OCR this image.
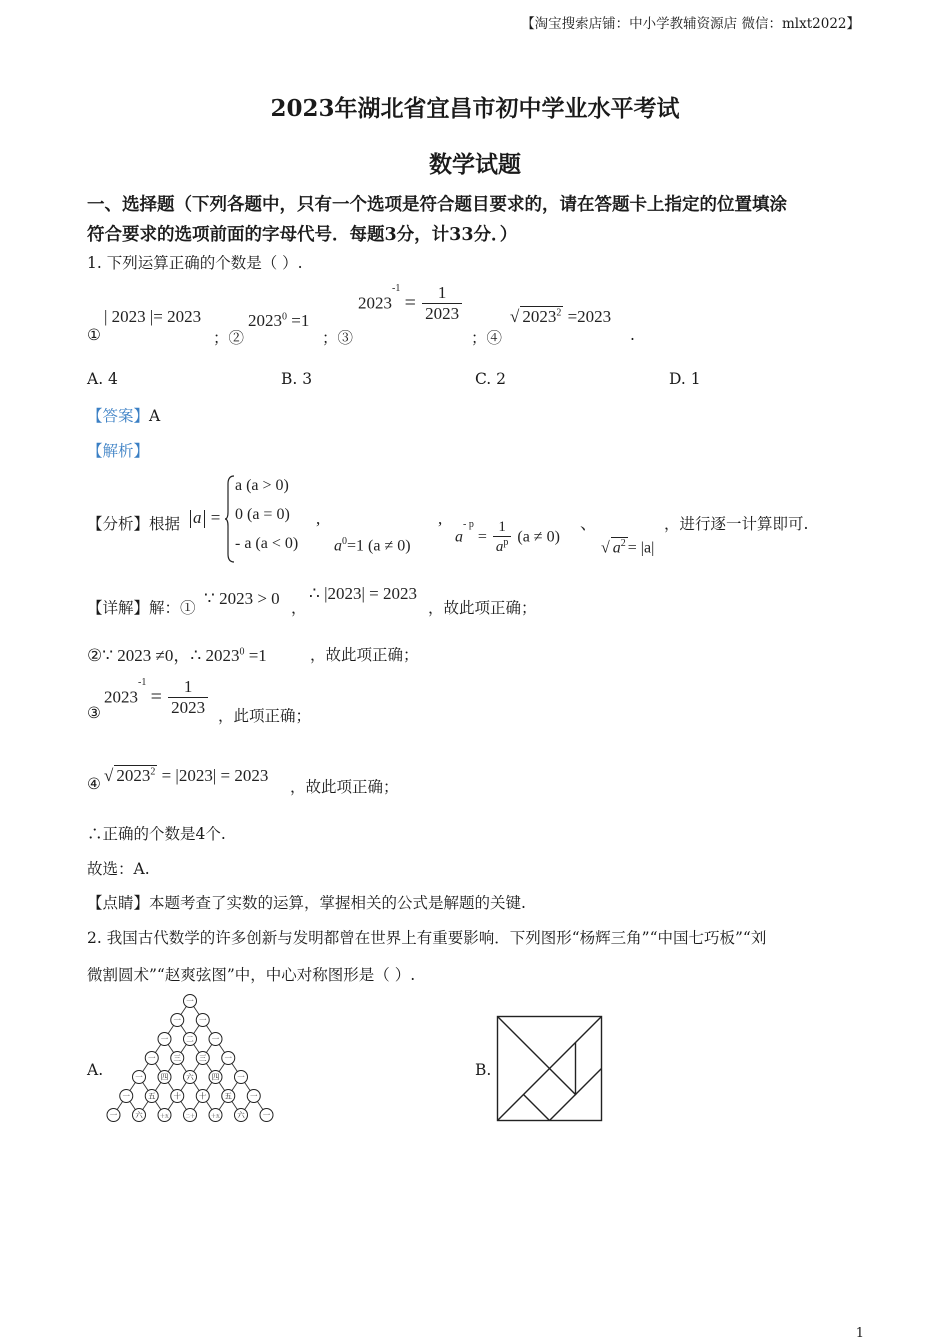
【淘宝搜索店铺：中小学教辅资源店 微信：mlxt2022】
2023年湖北省宜昌市初中学业水平考试
数学试题
一、选择题（下列各题中，只有一个选项是符合题目要求的，请在答题卡上指定的位置填涂
符合要求的选项前面的字母代号．每题3分，计33分．）
1. 下列运算正确的个数是（ ）.
①
| 2023 |= 2023
；②
$2023^0 =1$
；③
$2023^{-1} = \frac{1}{2023}$
；④
√ $2023^2 =2023$
.
A. 4	B. 3	C. 2	D. 1
【答案】A
【解析】
【分析】根据 a =
a (a > 0)
0 (a = 0)
- a (a < 0)
,
$a^0=1$ (a ≠ 0)
,
$a^{- p} = \frac{1}{a^p} (a \ne 0)$
、
√ $a^2 = |a|$
，进行逐一计算即可.
【详解】解：① ∵ 2023 > 0 ，
∴ |2023| = 2023
，故此项正确；
②∵ 2023 ≠0，∴ $2023^0 =1$	，故此项正确；
③
$2023^{-1} = \frac{1}{2023}$ ，此项正确；
④ √ $2023^2 = |2023| = 2023$
，故此项正确；
∴正确的个数是4个.
故选：A.
【点睛】本题考查了实数的运算，掌握相关的公式是解题的关键.
2. 我国古代数学的许多创新与发明都曾在世界上有重要影响．下列图形“杨辉三角”“中国七巧板”“刘
微割圆术”“赵爽弦图”中，中心对称图形是（ ）.
A.	B.
一
一 一
一 二 一
一 三 三 一
一 四 六 四 一
一 五 十 十 五 一
一 六	十五	二十	十五 六 一
1
